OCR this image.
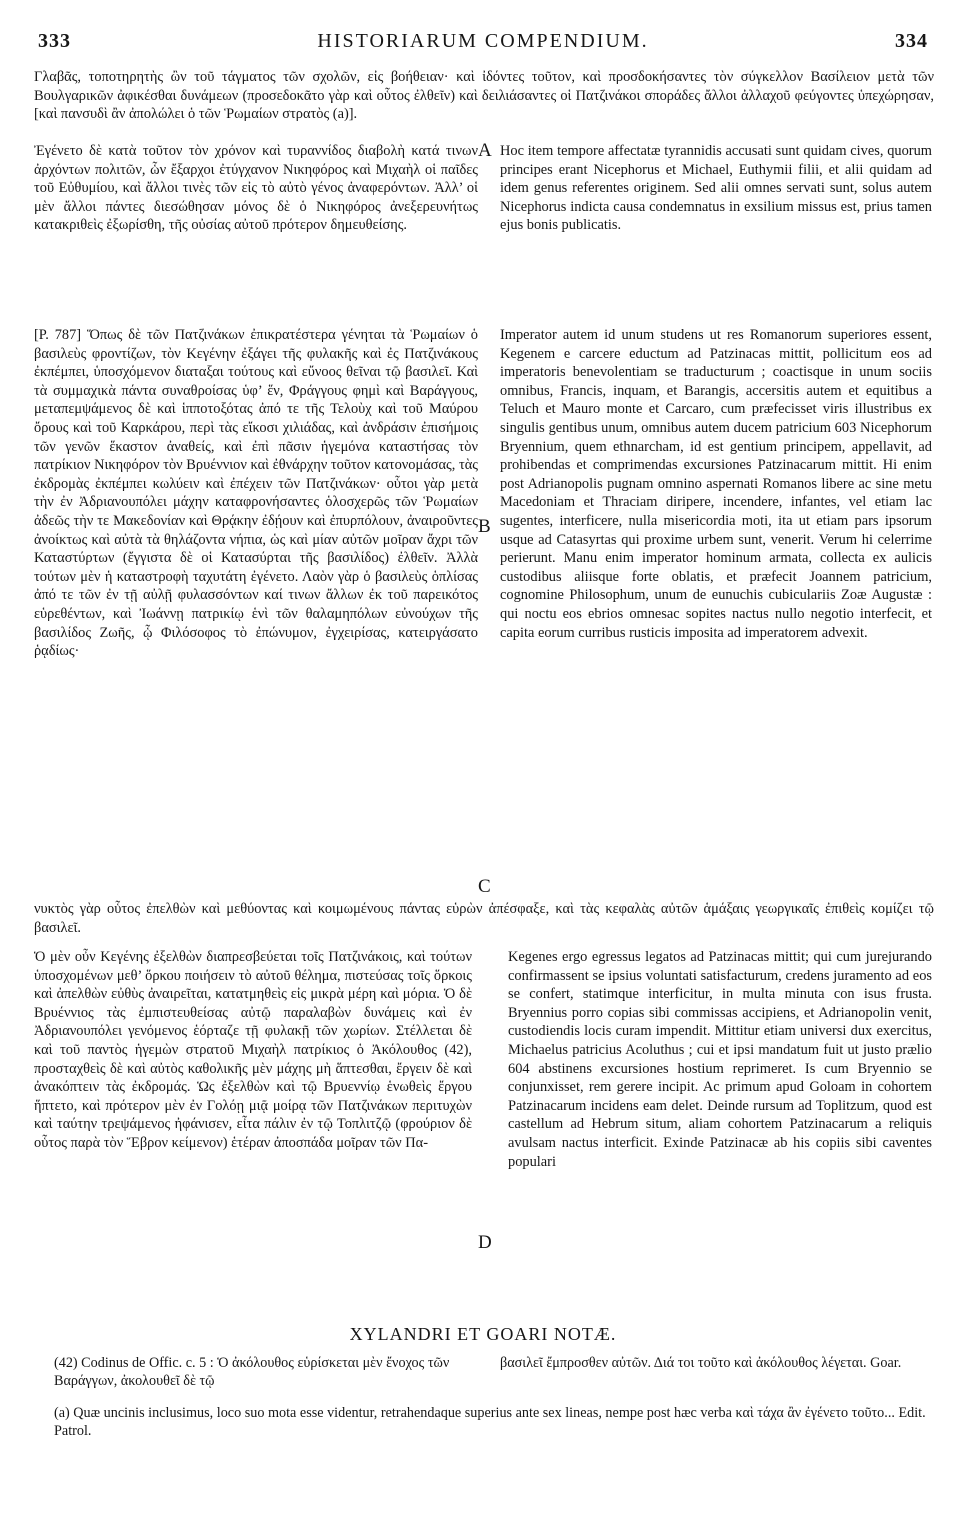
333	HISTORIARUM COMPENDIUM.	334

Γλαβᾶς, τοποτηρητὴς ὢν τοῦ τάγματος τῶν σχολῶν, εἰς βοήθειαν· καὶ ἰδόντες τοῦτον, καὶ προσδοκήσαντες τὸν σύγκελλον Βασίλειον μετὰ τῶν Βουλγαρικῶν ἀφικέσθαι δυνάμεων (προσεδοκᾶτο γὰρ καὶ οὗτος ἐλθεῖν) καὶ δειλιάσαντες οἱ Πατζινάκοι σποράδες ἄλλοι ἀλλαχοῦ φεύγοντες ὑπεχώρησαν, [καὶ πανσυδὶ ἂν ἀπολώλει ὁ τῶν Ῥωμαίων στρατὸς (a)].

Ἐγένετο δὲ κατὰ τοῦτον τὸν χρόνον καὶ τυραννίδος διαβολὴ κατά τινων ἀρχόντων πολιτῶν, ὧν ἔξαρχοι ἐτύγχανον Νικηφόρος καὶ Μιχαὴλ οἱ παῖδες τοῦ Εὐθυμίου, καὶ ἄλλοι τινὲς τῶν εἰς τὸ αὐτὸ γένος ἀναφερόντων. Ἀλλ’ οἱ μὲν ἄλλοι πάντες διεσώθησαν μόνος δὲ ὁ Νικηφόρος ἀνεξερευνήτως κατακριθεὶς ἐξωρίσθη, τῆς οὐσίας αὐτοῦ πρότερον δημευθείσης.

A Hoc item tempore affectatæ tyrannidis accusati sunt quidam cives, quorum principes erant Nicephorus et Michael, Euthymii filii, et alii quidam ad idem genus referentes originem. Sed alii omnes servati sunt, solus autem Nicephorus indicta causa condemnatus in exsilium missus est, prius tamen ejus bonis publicatis.

[P. 787] Ὅπως δὲ τῶν Πατζινάκων ἐπικρατέστερα γένηται τὰ Ῥωμαίων ὁ βασιλεὺς φροντίζων, τὸν Κεγένην ἐξάγει τῆς φυλακῆς καὶ ἐς Πατζινάκους ἐκπέμπει, ὑποσχόμενον διαταξαι τούτους καὶ εὔνοος θεῖναι τῷ βασιλεῖ. Καὶ τὰ συμμαχικὰ πάντα συναθροίσας ὑφ’ ἕν, Φράγγους φημὶ καὶ Βαράγγους, μεταπεμψάμενος δὲ καὶ ἱπποτοξότας ἀπό τε τῆς Τελοὺχ καὶ τοῦ Μαύρου ὄρους καὶ τοῦ Καρκάρου, περὶ τὰς εἴκοσι χιλιάδας, καὶ ἀνδράσιν ἐπισήμοις τῶν γενῶν ἕκαστον ἀναθείς, καὶ ἐπὶ πᾶσιν ἡγεμόνα καταστήσας τὸν πατρίκιον Νικηφόρον τὸν Βρυέννιον καὶ ἐθνάρχην τοῦτον κατονομάσας, τὰς ἐκδρομὰς ἐκπέμπει κωλύειν καὶ ἐπέχειν τῶν Πατζινάκων· οὗτοι γὰρ μετὰ τὴν ἐν Ἀδριανουπόλει μάχην καταφρονήσαντες ὁλοσχερῶς τῶν Ῥωμαίων ἀδεῶς τὴν τε Μακεδονίαν καὶ Θρᾴκην ἐδῄουν καὶ ἐπυρπόλουν, ἀναιροῦντες ἀνοίκτως καὶ αὐτὰ τὰ θηλάζοντα νήπια, ὡς καὶ μίαν αὐτῶν μοῖραν ἄχρι τῶν Καταστύρτων (ἔγγιστα δὲ οἱ Κατασύρται τῆς βασιλίδος) ἐλθεῖν. Ἀλλὰ τούτων μὲν ἡ καταστροφὴ ταχυτάτη ἐγένετο. Λαὸν γὰρ ὁ βασιλεὺς ὁπλίσας ἀπό τε τῶν ἐν τῇ αὐλῇ φυλασσόντων καί τινων ἄλλων ἐκ τοῦ παρεικότος εὑρεθέντων, καὶ Ἰωάννῃ πατρικίῳ ἑνὶ τῶν θαλαμηπόλων εὐνούχων τῆς βασιλίδος Ζωῆς, ᾧ Φιλόσοφος τὸ ἐπώνυμον, ἐγχειρίσας, κατειργάσατο ῥᾳδίως·

B

Imperator autem id unum studens ut res Romanorum superiores essent, Kegenem e carcere eductum ad Patzinacas mittit, pollicitum eos ad imperatoris benevolentiam se traducturum ; coactisque in unum sociis omnibus, Francis, inquam, et Barangis, accersitis autem et equitibus a Teluch et Mauro monte et Carcaro, cum præfecisset viris illustribus ex singulis gentibus unum, omnibus autem ducem patricium 603 Nicephorum Bryennium, quem ethnarcham, id est gentium principem, appellavit, ad prohibendas et comprimendas excursiones Patzinacarum mittit. Hi enim post Adrianopolis pugnam omnino aspernati Romanos libere ac sine metu Macedoniam et Thraciam diripere, incendere, infantes, vel etiam lac sugentes, interficere, nulla misericordia moti, ita ut etiam pars ipsorum usque ad Catasyrtas qui proxime urbem sunt, venerit. Verum hi celerrime perierunt. Manu enim imperator hominum armata, collecta ex aulicis custodibus aliisque forte oblatis, et præfecit Joannem patricium, cognomine Philosophum, unum de eunuchis cubiculariis Zoæ Augustæ : qui noctu eos ebrios omnesac sopites nactus nullo negotio interfecit, et capita eorum curribus rusticis imposita ad imperatorem advexit.

C

νυκτὸς γὰρ οὗτος ἐπελθὼν καὶ μεθύοντας καὶ κοιμωμένους πάντας εὑρὼν ἀπέσφαξε, καὶ τὰς κεφαλὰς αὐτῶν ἁμάξαις γεωργικαῖς ἐπιθεὶς κομίζει τῷ βασιλεῖ.

Ὁ μὲν οὖν Κεγένης ἐξελθὼν διαπρεσβεύεται τοῖς Πατζινάκοις, καὶ τούτων ὑποσχομένων μεθ’ ὅρκου ποιήσειν τὸ αὐτοῦ θέλημα, πιστεύσας τοῖς ὅρκοις καὶ ἀπελθὼν εὐθὺς ἀναιρεῖται, κατατμηθεὶς εἰς μικρὰ μέρη καὶ μόρια. Ὁ δὲ Βρυέννιος τὰς ἐμπιστευθείσας αὐτῷ παραλαβὼν δυνάμεις καὶ ἐν Ἀδριανουπόλει γενόμενος ἑόρταζε τῇ φυλακῇ τῶν χωρίων. Στέλλεται δὲ καὶ τοῦ παντὸς ἡγεμὼν στρατοῦ Μιχαὴλ πατρίκιος ὁ Ἀκόλουθος (42), προσταχθεὶς δὲ καὶ αὐτὸς καθολικῆς μὲν μάχης μὴ ἅπτεσθαι, ἔργειν δὲ καὶ ἀνακόπτειν τὰς ἐκδρομάς. Ὡς ἐξελθὼν καὶ τῷ Βρυεννίῳ ἑνωθεὶς ἔργου ἥπτετο, καὶ πρότερον μὲν ἐν Γολόῃ μιᾷ μοίρᾳ τῶν Πατζινάκων περιτυχὼν καὶ ταύτην τρεψάμενος ἠφάνισεν, εἶτα πάλιν ἐν τῷ Τοπλιτζῷ (φρούριον δὲ οὗτος παρὰ τὸν Ἕβρον κείμενον) ἑτέραν ἀποσπάδα μοῖραν τῶν Πα-

D

Kegenes ergo egressus legatos ad Patzinacas mittit; qui cum jurejurando confirmassent se ipsius voluntati satisfacturum, credens juramento ad eos se confert, statimque interficitur, in multa minuta con isus frusta. Bryennius porro copias sibi commissas accipiens, et Adrianopolin venit, custodiendis locis curam impendit. Mittitur etiam universi dux exercitus, Michaelus patricius Acoluthus ; cui et ipsi mandatum fuit ut justo prælio 604 abstinens excursiones hostium reprimeret. Is cum Bryennio se conjunxisset, rem gerere incipit. Ac primum apud Goloam in cohortem Patzinacarum incidens eam delet. Deinde rursum ad Toplitzum, quod est castellum ad Hebrum situm, aliam cohortem Patzinacarum a reliquis avulsam nactus interficit. Exinde Patzinacæ ab his copiis sibi caventes populari

XYLANDRI ET GOARI NOTÆ.

(42) Codinus de Offic. c. 5 : Ὁ ἀκόλουθος εὑρίσκεται μὲν ἔνοχος τῶν Βαράγγων, ἀκολουθεῖ δὲ τῷ

βασιλεῖ ἔμπροσθεν αὐτῶν. Διά τοι τοῦτο καὶ ἀκόλουθος λέγεται. Goar.

(a) Quæ uncinis inclusimus, loco suo mota esse videntur, retrahendaque superius ante sex lineas, nempe post hæc verba καὶ τάχα ἂν ἐγένετο τοῦτο... Edit. Patrol.
